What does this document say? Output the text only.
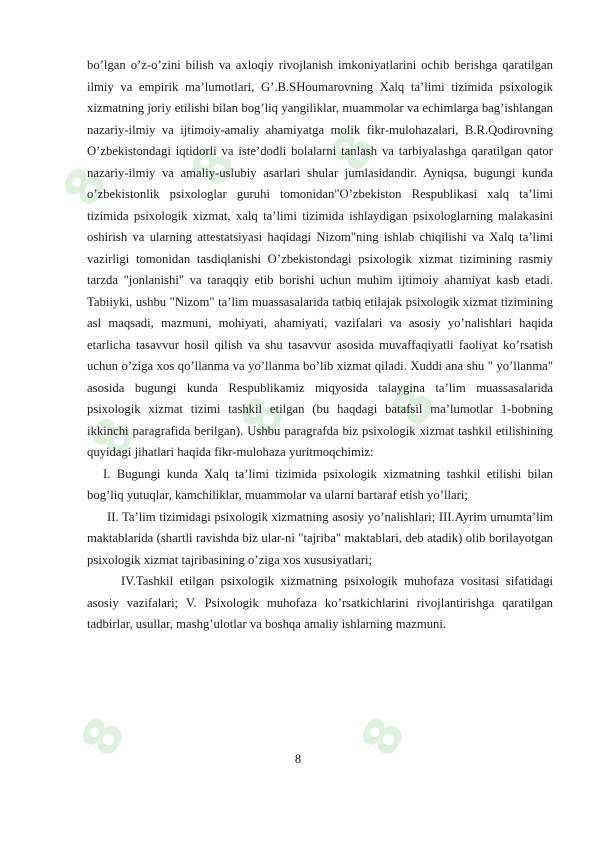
8 8 8
8 8 8
8	8

bo’lgan o’z-o’zini bilish va axloqiy rivojlanish imkoniyatlarini ochib berishga qaratilgan ilmiy va empirik ma’lumotlari, G’.B.SHoumarovning Xalq ta’limi tizimida psixologik xizmatning joriy etilishi bilan bog’liq yangiliklar, muammolar va echimlarga bag’ishlangan nazariy-ilmiy va ijtimoiy-amaliy ahamiyatga molik fikr-mulohazalari, B.R.Qodirovning O’zbekistondagi iqtidorli va iste’dodli bolalarni tanlash va tarbiyalashga qaratilgan qator nazariy-ilmiy va amaliy-uslubiy asarlari shular jumlasidandir. Ayniqsa, bugungi kunda o’zbekistonlik psixologlar guruhi tomonidan"O’zbekiston Respublikasi xalq ta’limi tizimida psixologik xizmat, xalq ta’limi tizimida ishlaydigan psixologlarning malakasini oshirish va ularning attestatsiyasi haqidagi Nizom"ning ishlab chiqilishi va Xalq ta’limi vazirligi tomonidan tasdiqlanishi O’zbekistondagi psixologik xizmat tizimining rasmiy tarzda "jonlanishi" va taraqqiy etib borishi uchun muhim ijtimoiy ahamiyat kasb etadi. Tabiiyki, ushbu "Nizom" ta’lim muassasalarida tatbiq etilajak psixologik xizmat tizimining asl maqsadi, mazmuni, mohiyati, ahamiyati, vazifalari va asosiy yo’nalishlari haqida etarlicha tasavvur hosil qilish va shu tasavvur asosida muvaffaqiyatli faoliyat ko’rsatish uchun o’ziga xos qo’llanma va yo’llanma bo’lib xizmat qiladi. Xuddi ana shu " yo’llanma" asosida bugungi kunda Respublikamiz miqyosida talaygina ta’lim muassasalarida psixologik xizmat tizimi tashkil etilgan (bu haqdagi batafsil ma’lumotlar 1-bobning ikkinchi paragrafida berilgan). Ushbu paragrafda biz psixologik xizmat tashkil etilishining quyidagi jihatlari haqida fikr-mulohaza yuritmoqchimiz:

I. Bugungi kunda Xalq ta’limi tizimida psixologik xizmatning tashkil etilishi bilan bog’liq yutuqlar, kamchiliklar, muammolar va ularni bartaraf etish yo’llari;

II. Ta’lim tizimidagi psixologik xizmatning asosiy yo’nalishlari; III.Ayrim umumta’lim maktablarida (shartli ravishda biz ular-ni "tajriba" maktablari, deb atadik) olib borilayotgan psixologik xizmat tajribasining o’ziga xos xususiyatlari;

IV.Tashkil etilgan psixologik xizmatning psixologik muhofaza vositasi sifatidagi asosiy vazifalari; V. Psixologik muhofaza ko’rsatkichlarini rivojlantirishga qaratilgan tadbirlar, usullar, mashg’ulotlar va boshqa amaliy ishlarning mazmuni.

8
